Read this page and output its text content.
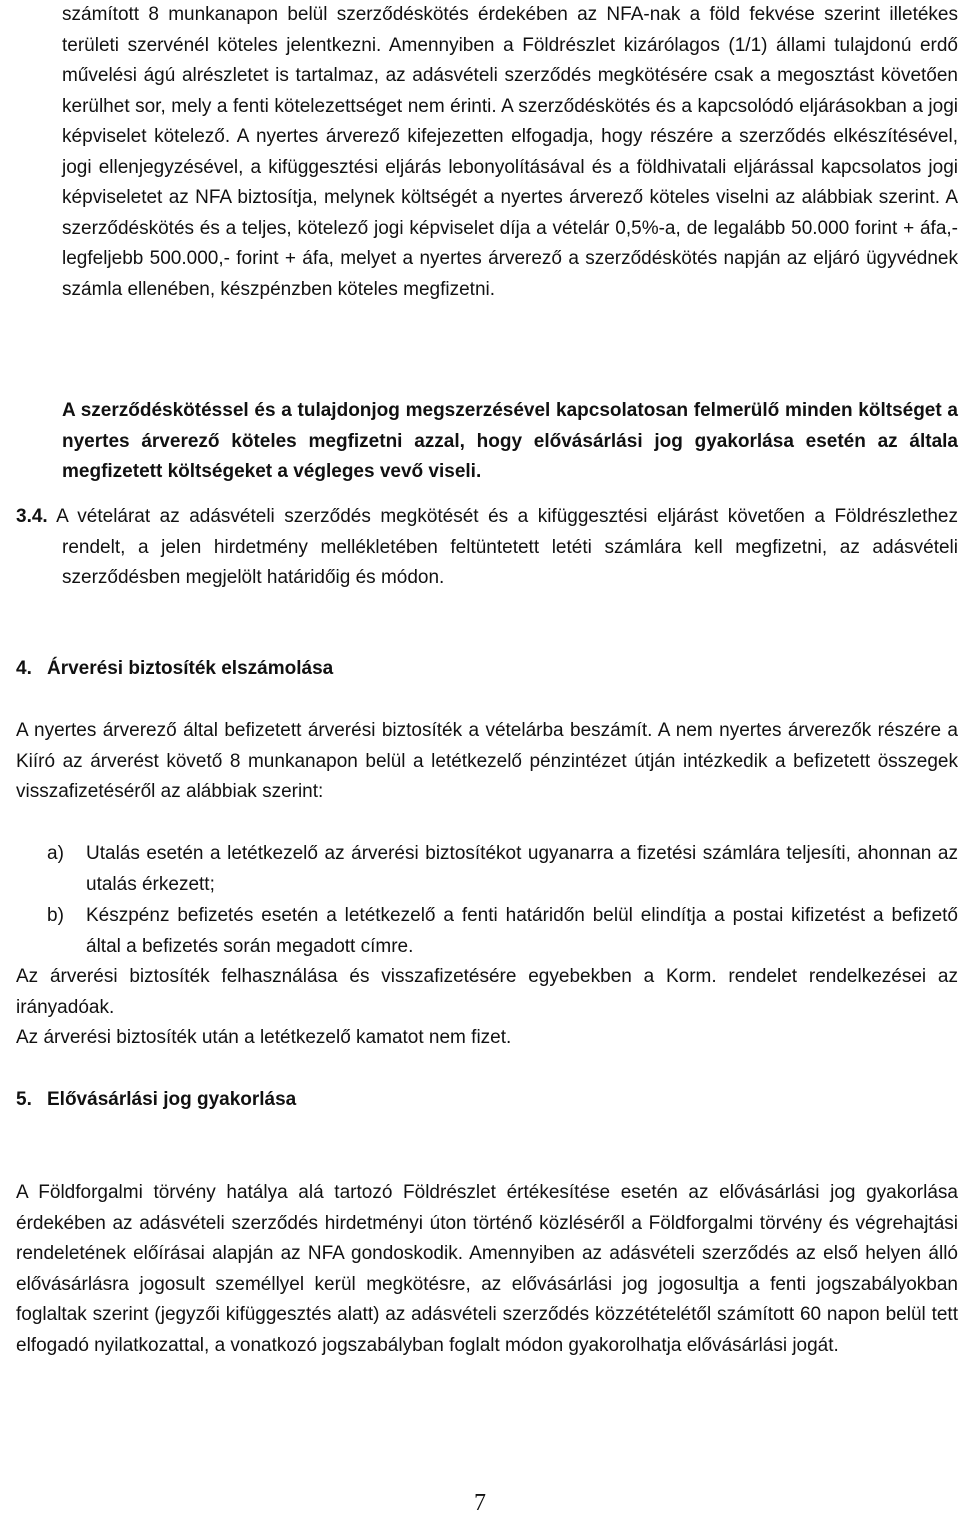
számított 8 munkanapon belül szerződéskötés érdekében az NFA-nak a föld fekvése szerint illetékes területi szervénél köteles jelentkezni. Amennyiben a Földrészlet kizárólagos (1/1) állami tulajdonú erdő művelési ágú alrészletet is tartalmaz, az adásvételi szerződés megkötésére csak a megosztást követően kerülhet sor, mely a fenti kötelezettséget nem érinti. A szerződéskötés és a kapcsolódó eljárásokban a jogi képviselet kötelező. A nyertes árverező kifejezetten elfogadja, hogy részére a szerződés elkészítésével, jogi ellenjegyzésével, a kifüggesztési eljárás lebonyolításával és a földhivatali eljárással kapcsolatos jogi képviseletet az NFA biztosítja, melynek költségét a nyertes árverező köteles viselni az alábbiak szerint. A szerződéskötés és a teljes, kötelező jogi képviselet díja a vételár 0,5%-a, de legalább 50.000 forint + áfa,- legfeljebb 500.000,- forint + áfa, melyet a nyertes árverező a szerződéskötés napján az eljáró ügyvédnek számla ellenében, készpénzben köteles megfizetni.

A szerződéskötéssel és a tulajdonjog megszerzésével kapcsolatosan felmerülő minden költséget a nyertes árverező köteles megfizetni azzal, hogy elővásárlási jog gyakorlása esetén az általa megfizetett költségeket a végleges vevő viseli.

3.4. A vételárat az adásvételi szerződés megkötését és a kifüggesztési eljárást követően a Földrészlethez rendelt, a jelen hirdetmény mellékletében feltüntetett letéti számlára kell megfizetni, az adásvételi szerződésben megjelölt határidőig és módon.

4. Árverési biztosíték elszámolása

A nyertes árverező által befizetett árverési biztosíték a vételárba beszámít. A nem nyertes árverezők részére a Kiíró az árverést követő 8 munkanapon belül a letétkezelő pénzintézet útján intézkedik a befizetett összegek visszafizetéséről az alábbiak szerint:

a) Utalás esetén a letétkezelő az árverési biztosítékot ugyanarra a fizetési számlára teljesíti, ahonnan az utalás érkezett;
b) Készpénz befizetés esetén a letétkezelő a fenti határidőn belül elindítja a postai kifizetést a befizető által a befizetés során megadott címre.

Az árverési biztosíték felhasználása és visszafizetésére egyebekben a Korm. rendelet rendelkezései az irányadóak.

Az árverési biztosíték után a letétkezelő kamatot nem fizet.

5. Elővásárlási jog gyakorlása

A Földforgalmi törvény hatálya alá tartozó Földrészlet értékesítése esetén az elővásárlási jog gyakorlása érdekében az adásvételi szerződés hirdetményi úton történő közléséről a Földforgalmi törvény és végrehajtási rendeletének előírásai alapján az NFA gondoskodik. Amennyiben az adásvételi szerződés az első helyen álló elővásárlásra jogosult személlyel kerül megkötésre, az elővásárlási jog jogosultja a fenti jogszabályokban foglaltak szerint (jegyzői kifüggesztés alatt) az adásvételi szerződés közzétételétől számított 60 napon belül tett elfogadó nyilatkozattal, a vonatkozó jogszabályban foglalt módon gyakorolhatja elővásárlási jogát.

7
